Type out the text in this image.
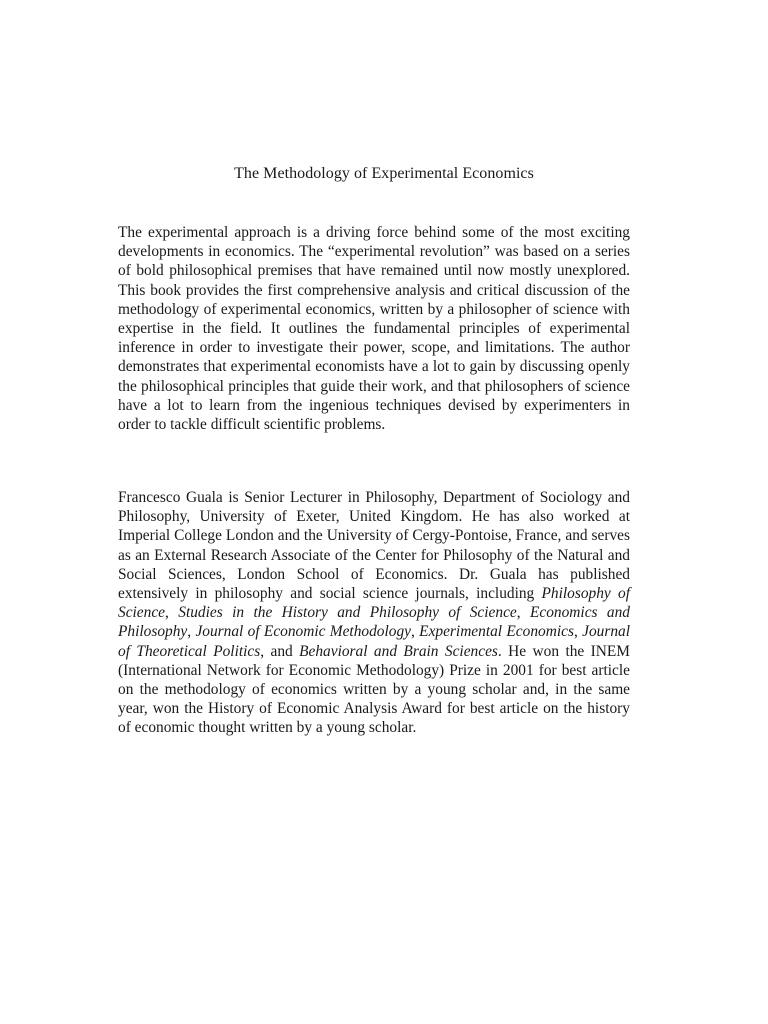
The Methodology of Experimental Economics

The experimental approach is a driving force behind some of the most exciting developments in economics. The “experimental revolution” was based on a series of bold philosophical premises that have remained until now mostly unexplored. This book provides the first comprehensive analysis and critical discussion of the methodology of experimental economics, written by a philosopher of science with expertise in the field. It outlines the fundamental principles of experimental inference in order to investigate their power, scope, and limitations. The author demonstrates that experimental economists have a lot to gain by discussing openly the philosophical principles that guide their work, and that philosophers of science have a lot to learn from the ingenious techniques devised by experimenters in order to tackle difficult scientific problems.

Francesco Guala is Senior Lecturer in Philosophy, Department of Sociology and Philosophy, University of Exeter, United Kingdom. He has also worked at Imperial College London and the University of Cergy-Pontoise, France, and serves as an External Research Associate of the Center for Philosophy of the Natural and Social Sciences, London School of Economics. Dr. Guala has published extensively in philosophy and social science journals, including Philosophy of Science, Studies in the History and Philosophy of Science, Economics and Philosophy, Journal of Economic Methodology, Experimental Economics, Journal of Theoretical Politics, and Behavioral and Brain Sciences. He won the INEM (International Network for Economic Methodology) Prize in 2001 for best article on the methodology of economics written by a young scholar and, in the same year, won the History of Economic Analysis Award for best article on the history of economic thought written by a young scholar.
